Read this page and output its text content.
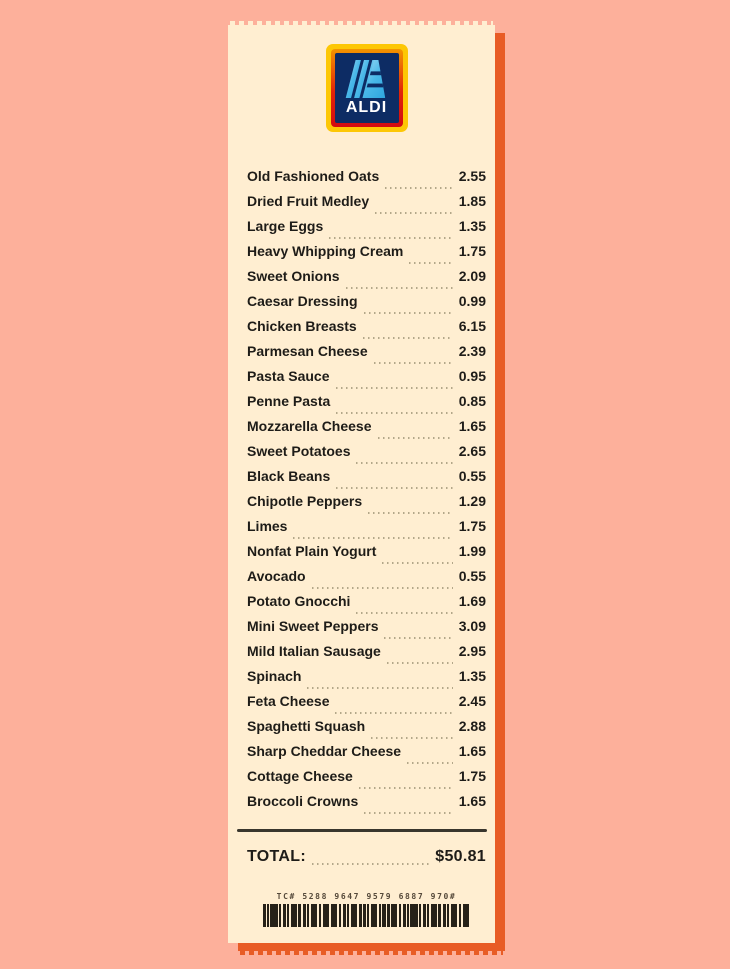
ALDI
Old Fashioned Oats	2.55
Dried Fruit Medley	1.85
Large Eggs	1.35
Heavy Whipping Cream	1.75
Sweet Onions	2.09
Caesar Dressing	0.99
Chicken Breasts	6.15
Parmesan Cheese	2.39
Pasta Sauce	0.95
Penne Pasta	0.85
Mozzarella Cheese	1.65
Sweet Potatoes	2.65
Black Beans	0.55
Chipotle Peppers	1.29
Limes	1.75
Nonfat Plain Yogurt	1.99
Avocado	0.55
Potato Gnocchi	1.69
Mini Sweet Peppers	3.09
Mild Italian Sausage	2.95
Spinach	1.35
Feta Cheese	2.45
Spaghetti Squash	2.88
Sharp Cheddar Cheese	1.65
Cottage Cheese	1.75
Broccoli Crowns	1.65
TOTAL:	$50.81
TC# 5288 9647 9579 6887 970#
